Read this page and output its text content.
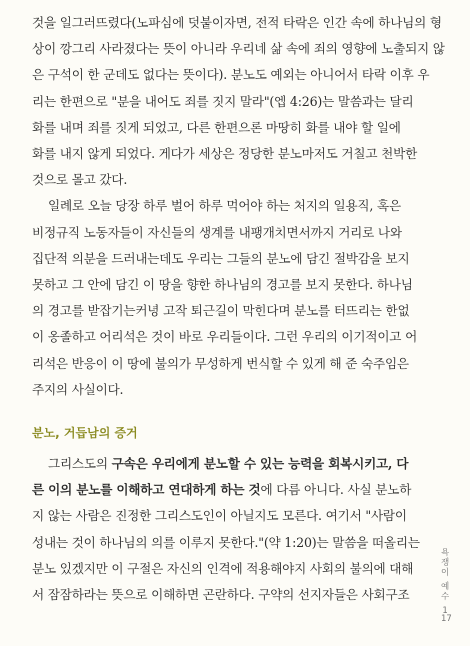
것을 일그러뜨렸다(노파심에 덧붙이자면, 전적 타락은 인간 속에 하나님의 형

상이 깡그리 사라졌다는 뜻이 아니라 우리네 삶 속에 죄의 영향에 노출되지 않

은 구석이 한 군데도 없다는 뜻이다). 분노도 예외는 아니어서 타락 이후 우

리는 한편으로 "분을 내어도 죄를 짓지 말라"(엡 4:26)는 말씀과는 달리

화를 내며 죄를 짓게 되었고, 다른 한편으론 마땅히 화를 내야 할 일에

화를 내지 않게 되었다. 게다가 세상은 정당한 분노마저도 거칠고 천박한

것으로 몰고 갔다.

일례로 오늘 당장 하루 벌어 하루 먹어야 하는 처지의 일용직, 혹은

비정규직 노동자들이 자신들의 생계를 내팽개치면서까지 거리로 나와

집단적 의분을 드러내는데도 우리는 그들의 분노에 담긴 절박감을 보지

못하고 그 안에 담긴 이 땅을 향한 하나님의 경고를 보지 못한다. 하나님

의 경고를 받잡기는커녕 고작 퇴근길이 막힌다며 분노를 터뜨리는 한없

이 옹졸하고 어리석은 것이 바로 우리들이다. 그런 우리의 이기적이고 어

리석은 반응이 이 땅에 불의가 무성하게 번식할 수 있게 해 준 숙주임은

주지의 사실이다.

분노, 거듭남의 증거

그리스도의 구속은 우리에게 분노할 수 있는 능력을 회복시키고, 다

른 이의 분노를 이해하고 연대하게 하는 것에 다름 아니다. 사실 분노하

지 않는 사람은 진정한 그리스도인이 아닐지도 모른다. 여기서 "사람이

성내는 것이 하나님의 의를 이루지 못한다."(약 1:20)는 말씀을 떠올리는

분노 있겠지만 이 구절은 자신의 인격에 적용해야지 사회의 불의에 대해

서 잠잠하라는 뜻으로 이해하면 곤란하다. 구약의 선지자들은 사회구조

욕
쟁
이
예
수
1
17
